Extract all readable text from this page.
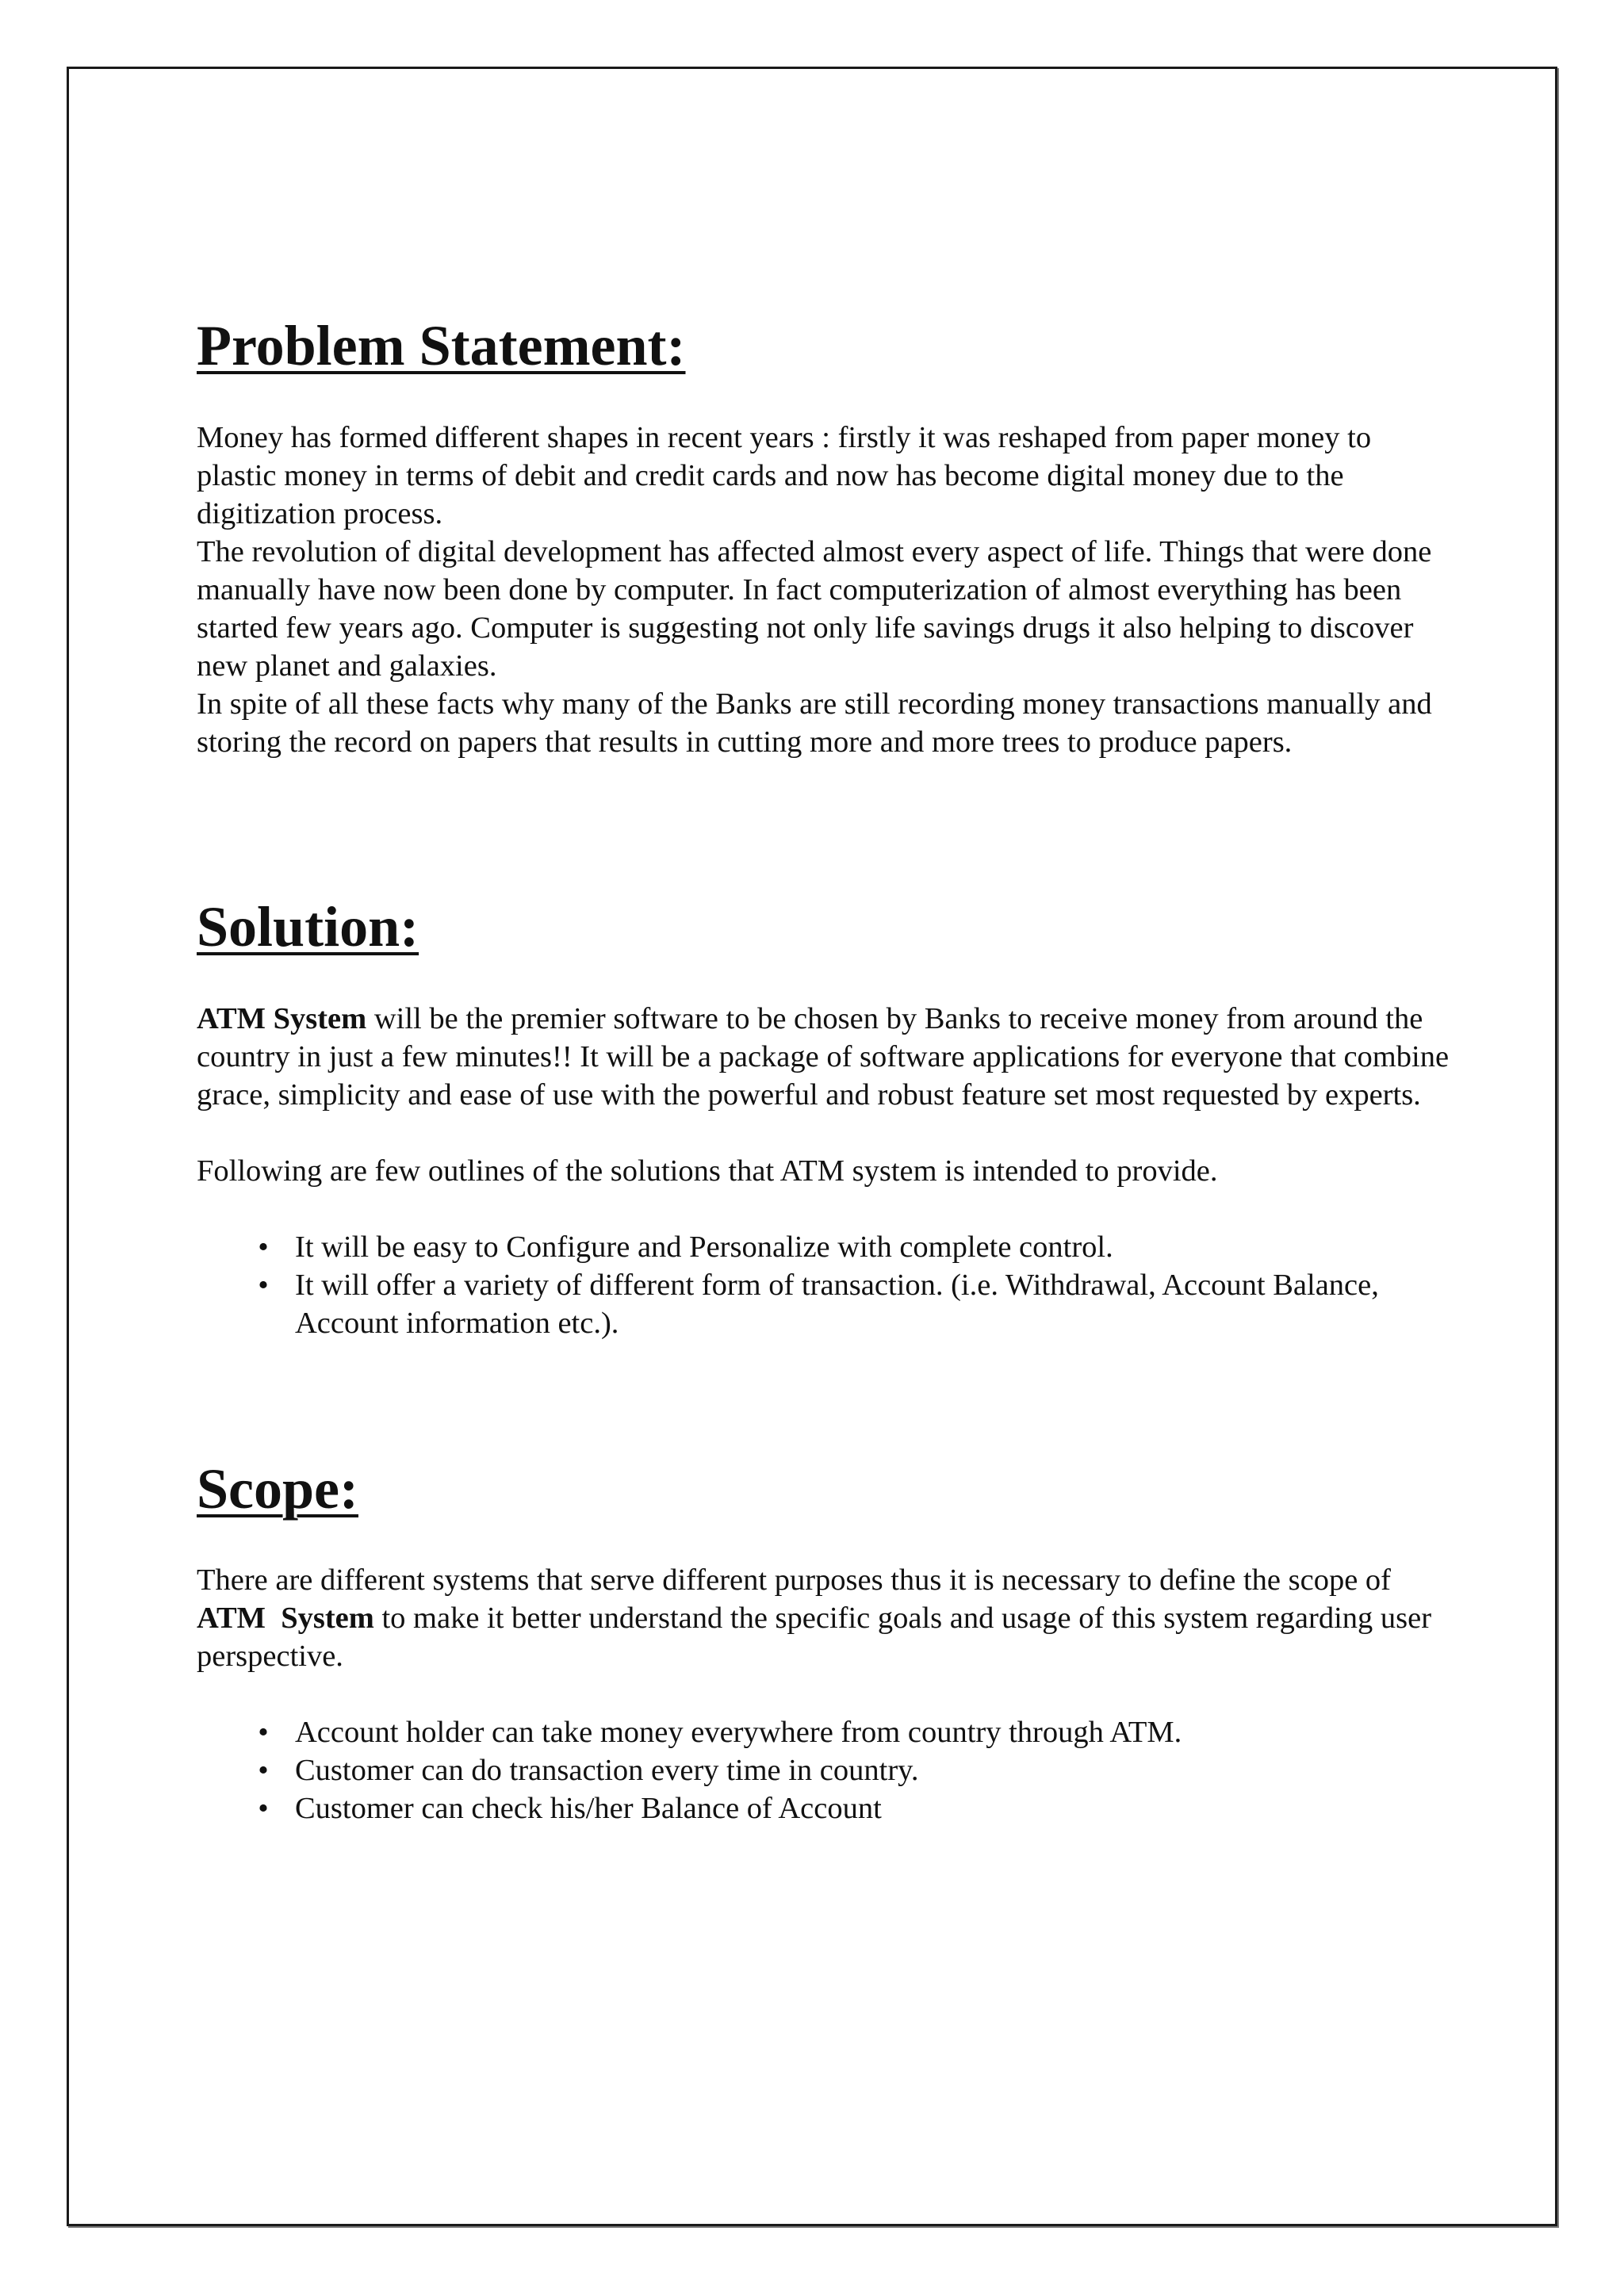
Problem Statement:

Money has formed different shapes in recent years : firstly it was reshaped from paper money to plastic money in terms of debit and credit cards and now has become digital money due to the digitization process.

The revolution of digital development has affected almost every aspect of life. Things that were done manually have now been done by computer. In fact computerization of almost everything has been started few years ago. Computer is suggesting not only life savings drugs it also helping to discover new planet and galaxies.

In spite of all these facts why many of the Banks are still recording money transactions manually and storing the record on papers that results in cutting more and more trees to produce papers.

Solution:

ATM System will be the premier software to be chosen by Banks to receive money from around the country in just a few minutes!! It will be a package of software applications for everyone that combine grace, simplicity and ease of use with the powerful and robust feature set most requested by experts.

Following are few outlines of the solutions that ATM system is intended to provide.

• It will be easy to Configure and Personalize with complete control.
• It will offer a variety of different form of transaction. (i.e. Withdrawal, Account Balance, Account information etc.).
Scope:

There are different systems that serve different purposes thus it is necessary to define the scope of ATM  System to make it better understand the specific goals and usage of this system regarding user perspective.

• Account holder can take money everywhere from country through ATM.
• Customer can do transaction every time in country.
• Customer can check his/her Balance of Account
